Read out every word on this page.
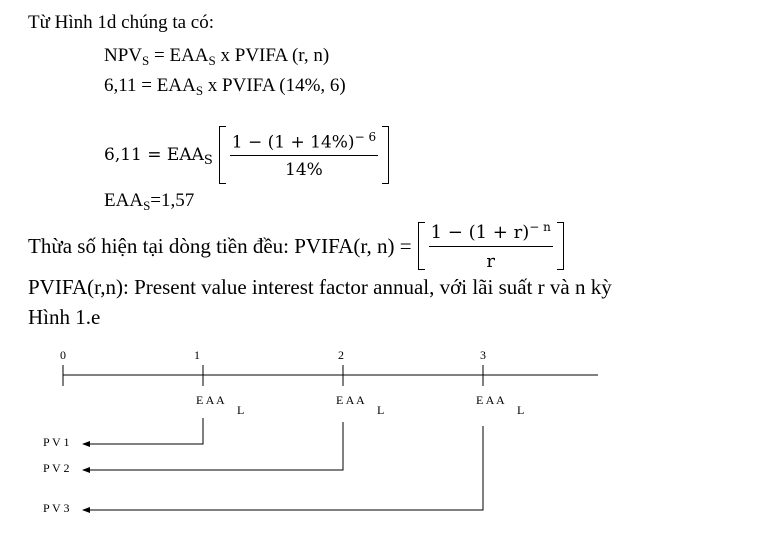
Từ Hình 1d chúng ta có:
$NPV_S = EAA_S$ x PVIFA (r, n)
$6,11 = EAA_S$ x PVIFA (14%, 6)
$6,11 = EAA_S \frac{1 - (1 + 14\%)^{- 6}}{14\%}$
$EAA_S=1,57$
Thừa số hiện tại dòng tiền đều: PVIFA(r, $n) = \frac{1 - (1 + r)^{- n}}{r}$
PVIFA(r,n): Present value interest factor annual, với lãi suất r và n kỳ
Hình 1.e
0	1	2	3
E A A
L
E A A
L
E A A
L
P V 1
P V 2
P V 3
